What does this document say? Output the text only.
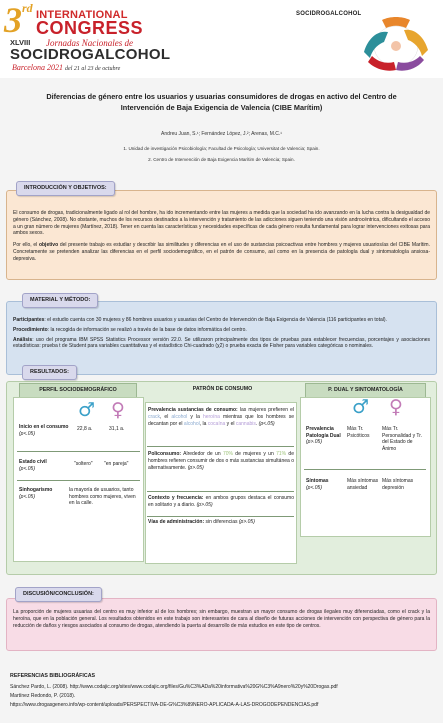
3rd INTERNATIONAL
CONGRESS
XLVIII Jornadas Nacionales de
SOCIDROGALCOHOL
Barcelona 2021 del 21 al 23 de octubre
SOCIDROGALCOHOL
Diferencias de género entre los usuarios y usuarias consumidores de drogas en activo del Centro de Intervención de Baja Exigencia de Valencia (CIBE Marítim)
Andreu Juan, S.¹; Fernández López, J.²; Arenas, M.C.¹
1. Unidad de investigación Psicobiología; Facultad de Psicología; Universitat de Valencia; Spain.
2. Centro de Intervención de Baja Exigencia Marítim de Valencia; Spain.

El consumo de drogas, tradicionalmente ligado al rol del hombre, ha ido incrementando entre las mujeres a medida que la sociedad ha ido avanzando en la lucha contra la desigualdad de género (Sánchez, 2008). No obstante, muchos de los recursos destinados a la intervención y tratamiento de las adicciones siguen teniendo una visión androcéntrica, dificultando el acceso a un gran número de mujeres (Martínez, 2018). Tener en cuenta las características y necesidades específicas de cada género resulta fundamental para lograr intervenciones exitosas para ambos sexos.

Por ello, el objetivo del presente trabajo es estudiar y describir las similitudes y diferencias en el uso de sustancias psicoactivas entre hombres y mujeres usuarios/as del CIBE Marítim. Concretamente se pretenden analizar las diferencias en el perfil sociodemográfico, en el patrón de consumo, así como en la presencia de patología dual y sintomatología ansiosa-depresiva.

INTRODUCCIÓN Y OBJETIVOS:

Participantes: el estudio cuenta con 30 mujeres y 86 hombres usuarios y usuarias del Centro de Intervención de Baja Exigencia de Valencia (116 participantes en total).

Procedimiento: la recogida de información se realizó a través de la base de datos informática del centro.

Análisis: uso del programa IBM SPSS Statistics Processor versión 22.0. Se utilizaron principalmente dos tipos de pruebas para establecer frecuencias, porcentajes y asociaciones estadísticas: prueba t de Student para variables cuantitativas y el estadístico Chi-cuadrado (χ2) o prueba exacta de Fisher para variables categóricas o nominales.

MATERIAL Y MÉTODO:
RESULTADOS:
PERFIL SOCIODEMOGRÁFICO
♂ ♀
Inicio en el consumo
(p<.05)
22,8 a.	31,1 a.
Estado civil
(p<.05)
"soltero" "en pareja"
Sinhogarismo
(p<.05)
la mayoría de usuarios, tanto hombres como mujeres, viven en la calle.
PATRÓN DE CONSUMO
Prevalencia sustancias de consumo: las mujeres prefieren el crack, el alcohol y la heroína mientras que los hombres se decantan por el alcohol, la cocaína y el cannabis. (p<.05)
Policonsumo: Alrededor de un 70% de mujeres y un 71% de hombres refieren consumir de dos o más sustancias simultánea o alternativamente. (p>.05)
Contexto y frecuencia: en ambos grupos destaca el consumo en solitario y a diario. (p>.05)
Vías de administración: sin diferencias (p>.05)
P. DUAL Y SINTOMATOLOGÍA
♂ ♀
Prevalencia Patología Dual
(p>.05)
Más Tr. Psicóticos
Más Tr. Personalidad y Tr. del Estado de Ánimo
Síntomas
(p<.05)
Más síntomas ansiedad
Más síntomas depresión

La proporción de mujeres usuarias del centro es muy inferior al de los hombres; sin embargo, muestran un mayor consumo de drogas ilegales muy diferenciadas, como el crack y la heroína, que en la población general. Los resultados obtenidos en este trabajo son interesantes de cara al diseño de futuras acciones de intervención con perspectiva de género para la reducción de daños y riesgos asociados al consumo de drogas, atendiendo la puerta al desarrollo de más estudios en este tipo de centros.

DISCUSIÓN/CONCLUSIÓN:
REFERENCIAS BIBLIOGRÁFICAS
Sánchez Pardo, L. (2008). http://www.codajic.org/sites/www.codajic.org/files/Gu%C3%ADa%20informativa%20G%C3%A9nero%20y%20Drogas.pdf
Martínez Redondo, P. (2018).
https://www.drogasgenero.info/wp-content/uploads/PERSPECTIVA-DE-G%C3%89NERO-APLICADA-A-LAS-DROGODEPENDENCIAS.pdf
